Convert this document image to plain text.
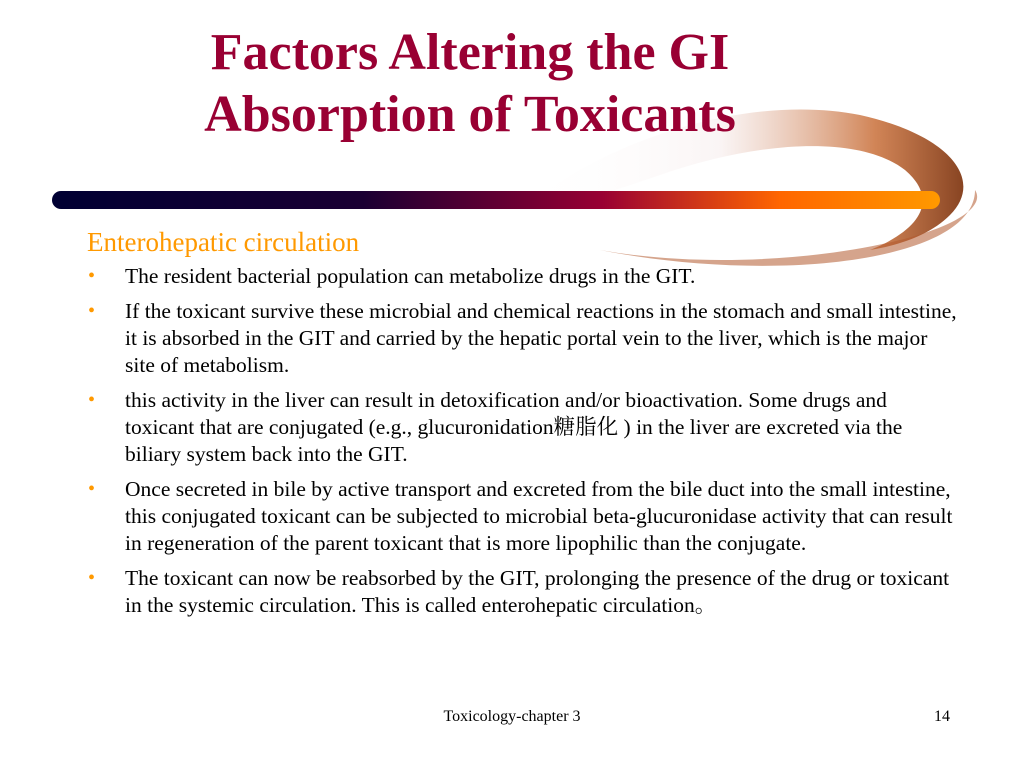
Factors Altering the GI
Absorption of Toxicants
Enterohepatic circulation
• The resident bacterial population can metabolize drugs in the GIT.
• If the toxicant survive these microbial and chemical reactions in the stomach and small intestine, it is absorbed in the GIT and carried by the hepatic portal vein to the liver, which is the major site of metabolism.
• this activity in the liver can result in detoxification and/or bioactivation. Some drugs and toxicant that are conjugated (e.g., glucuronidation糖脂化 ) in the liver are excreted via the biliary system back into the GIT.
• Once secreted in bile by active transport and excreted from the bile duct into the small intestine, this conjugated toxicant can be subjected to microbial beta-glucuronidase activity that can result in regeneration of the parent toxicant that is more lipophilic than the conjugate.
• The toxicant can now be reabsorbed by the GIT, prolonging the presence of the drug or toxicant in the systemic circulation. This is called enterohepatic circulation。
Toxicology-chapter 3	14
